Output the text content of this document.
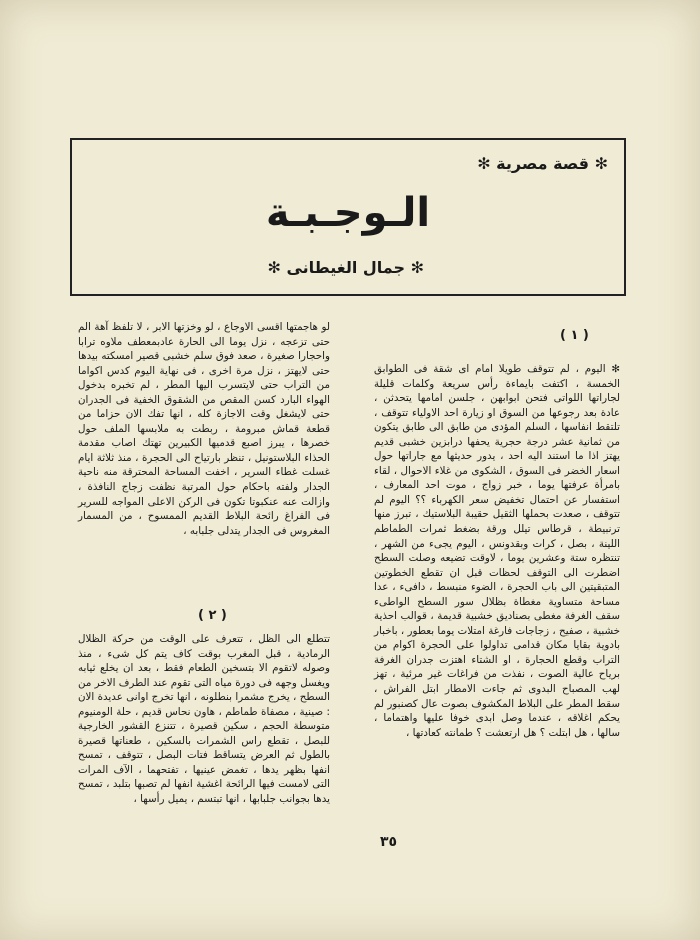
✻ قصة مصرية ✻
الـوجـبـة
✻ جمال الغيطانى ✻
( ١ )

✻ اليوم ، لم تتوقف طويلا امام اى شقة فى الطوابق الخمسة ، اكتفت بايماءة رأس سريعة وكلمات قليلة لجاراتها اللواتى فتحن ابوابهن ، جلسن امامها يتحدثن ، عادة بعد رجوعها من السوق او زيارة احد الاولياء تتوقف ، تلتقط انفاسها ، السلم المؤدى من طابق الى طابق يتكون من ثمانية عشر درجة حجرية يحفها درابزين خشبى قديم يهتز اذا ما استند اليه احد ، يدور حديثها مع جاراتها حول اسعار الخضر فى السوق ، الشكوى من غلاء الاحوال ، لقاء بامرأة عرفتها يوما ، خبر زواج ، موت احد المعارف ، استفسار عن احتمال تخفيض سعر الكهرباء ؟؟ اليوم لم تتوقف ، صعدت بحملها الثقيل حقيبة البلاستيك ، تبرز منها ترنبيطة ، قرطاس تيلل ورقة بضغط ثمرات الطماطم اللينة ، بصل ، كرات وبقدونس ، اليوم يجىء من الشهر ، تنتظره ستة وعشرين يوما ، لاوقت تضيعه وصلت السطح اضطرت الى التوقف لحظات قبل ان تقطع الخطوتين المتبقيتين الى باب الحجرة ، الضوء منبسط ، دافىء ، عدا مساحة متساوية مغطاة بظلال سور السطح الواطىء سقف الغرفة مغطى بصناديق خشبية قديمة ، قوالب احذية خشبية ، صفيح ، زجاجات فارغة امتلات يوما بعطور ، باخبار بادوية بقايا مكان قدامى تداولوا على الحجرة اكوام من التراب وقطع الحجارة ، او الشتاء اهتزت جدران الغرفة برياح عالية الصوت ، نفذت من فراغات غير مرئية ، تهز لهب المصباح البدوى ثم جاءت الامطار ابتل الفراش ، سقط المطر على البلاط المكشوف بصوت عال كصنبور لم يحكم اغلاقه ، عندما وصل ابدى خوفا عليها واهتماما ، سالها ، هل ابتلت ؟ هل ارتعشت ؟ طمانته كعادتها ،

لو هاجمتها اقسى الاوجاع ، لو وخزتها الابر ، لا تلفظ آهة الم حتى تزعجه ، نزل يوما الى الحارة عادبمعطف ملاوه ترابا واحجارا صغيرة ، صعد فوق سلم خشبى قصير امسكته بيدها حتى لايهتز ، نزل مرة اخرى ، فى نهاية اليوم كدس اكواما من التراب حتى لايتسرب اليها المطر ، لم تخبره بدخول الهواء البارد كسن المقص من الشقوق الخفية فى الجدران حتى لايشغل وقت الاجازة كله ، انها تفك الان حزاما من قطعة قماش مبرومة ، ربطت به ملابسها الملف حول خصرها ، يبرز اصبع قدميها الكبيرين تهتك اصاب مقدمة الحذاء البلاستونيل ، تنظر بارتياح الى الحجرة ، منذ ثلاثة ايام غسلت غطاء السرير ، اخفت المساحة المحترقة منه ناحية الجدار ولفته باحكام حول المرتبة نظفت زجاج النافذة ، وازالت عنه عنكبوتا تكون فى الركن الاعلى المواجه للسرير فى الفراغ رائحة البلاط القديم الممسوح ، من المسمار المغروس فى الجدار يتدلى جلبابه ،

( ٢ )

تتطلع الى الظل ، تتعرف على الوقت من حركة الظلال الرمادية ، قبل المغرب بوقت كاف يتم كل شىء ، منذ وصوله لاتقوم الا بتسخين الطعام فقط ، بعد ان يخلع ثيابه ويغسل وجهه فى دورة مياه التى تقوم عند الطرف الاخر من السطح ، يخرج مشمرا بنطلونه ، انها تخرج اوانى عديدة الان : صينية ، مصفاة طماطم ، هاون نحاس قديم ، حلة الومنيوم متوسطة الحجم ، سكين قصيرة ، تتنزع القشور الخارجية للبصل ، تقطع راس الشمرات بالسكين ، طعناتها قصيرة بالطول ثم العرض يتساقط فتات البصل ، تتوقف ، تمسح انفها بظهر يدها ، تغمض عينيها ، تفتحهما ، الآف المرات التى لامست فيها الرائحة اغشية انفها لم تصبها بتلبد ، تمسح يدها بجوانب جلبابها ، انها تبتسم ، يميل رأسها ،

٣٥
